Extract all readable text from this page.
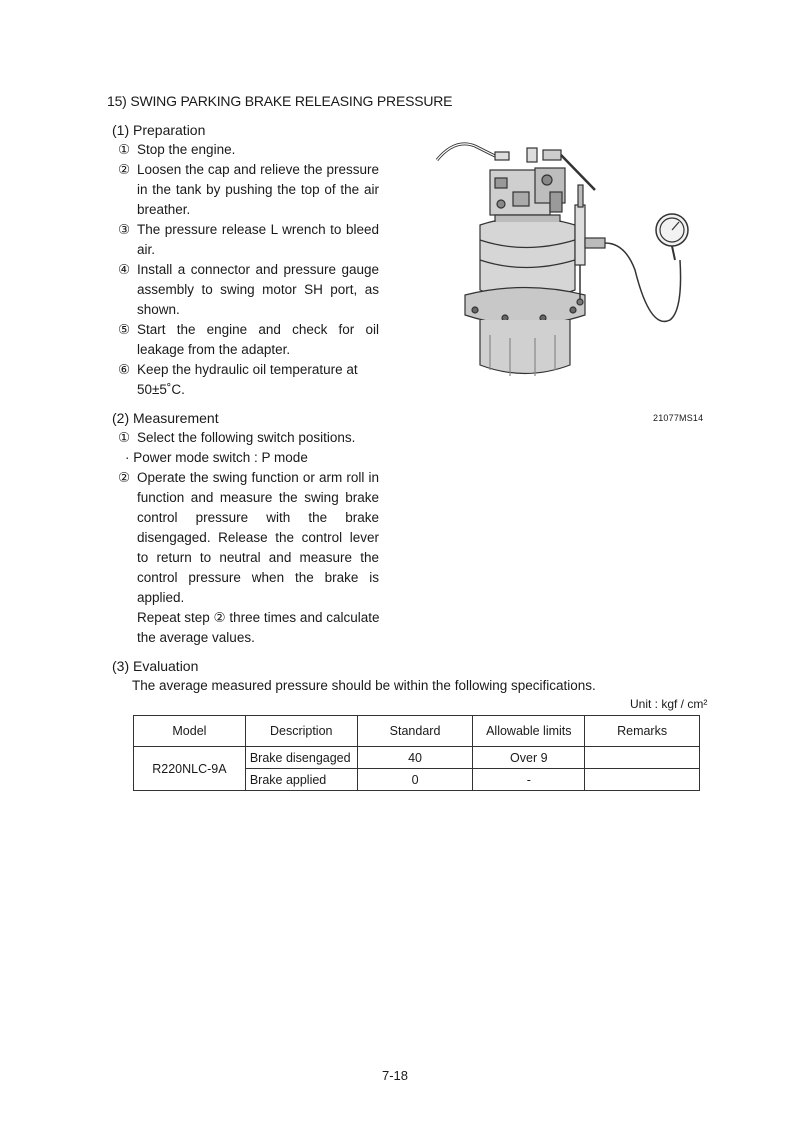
15) SWING PARKING BRAKE RELEASING PRESSURE
(1) Preparation
① Stop the engine.
② Loosen the cap and relieve the pressure
in the tank by pushing the top of the air
breather.
③ The pressure release L wrench to bleed
air.
④ Install a connector and pressure gauge
assembly to swing motor SH port, as
shown.
⑤ Start the engine and check for oil
leakage from the adapter.
⑥ Keep the hydraulic oil temperature at
50±5˚C.
21077MS14
(2) Measurement
① Select the following switch positions.
· Power mode switch : P mode
② Operate the swing function or arm roll in
function and measure the swing brake
control pressure with the brake
disengaged. Release the control lever
to return to neutral and measure the
control pressure when the brake is
applied.
Repeat step ② three times and calculate
the average values.
(3) Evaluation
The average measured pressure should be within the following specifications.
Unit : kgf / cm²
Model	Description	Standard	Allowable limits	Remarks
R220NLC-9A	Brake disengaged	40	Over 9	
	Brake applied	0	-	
7-18
